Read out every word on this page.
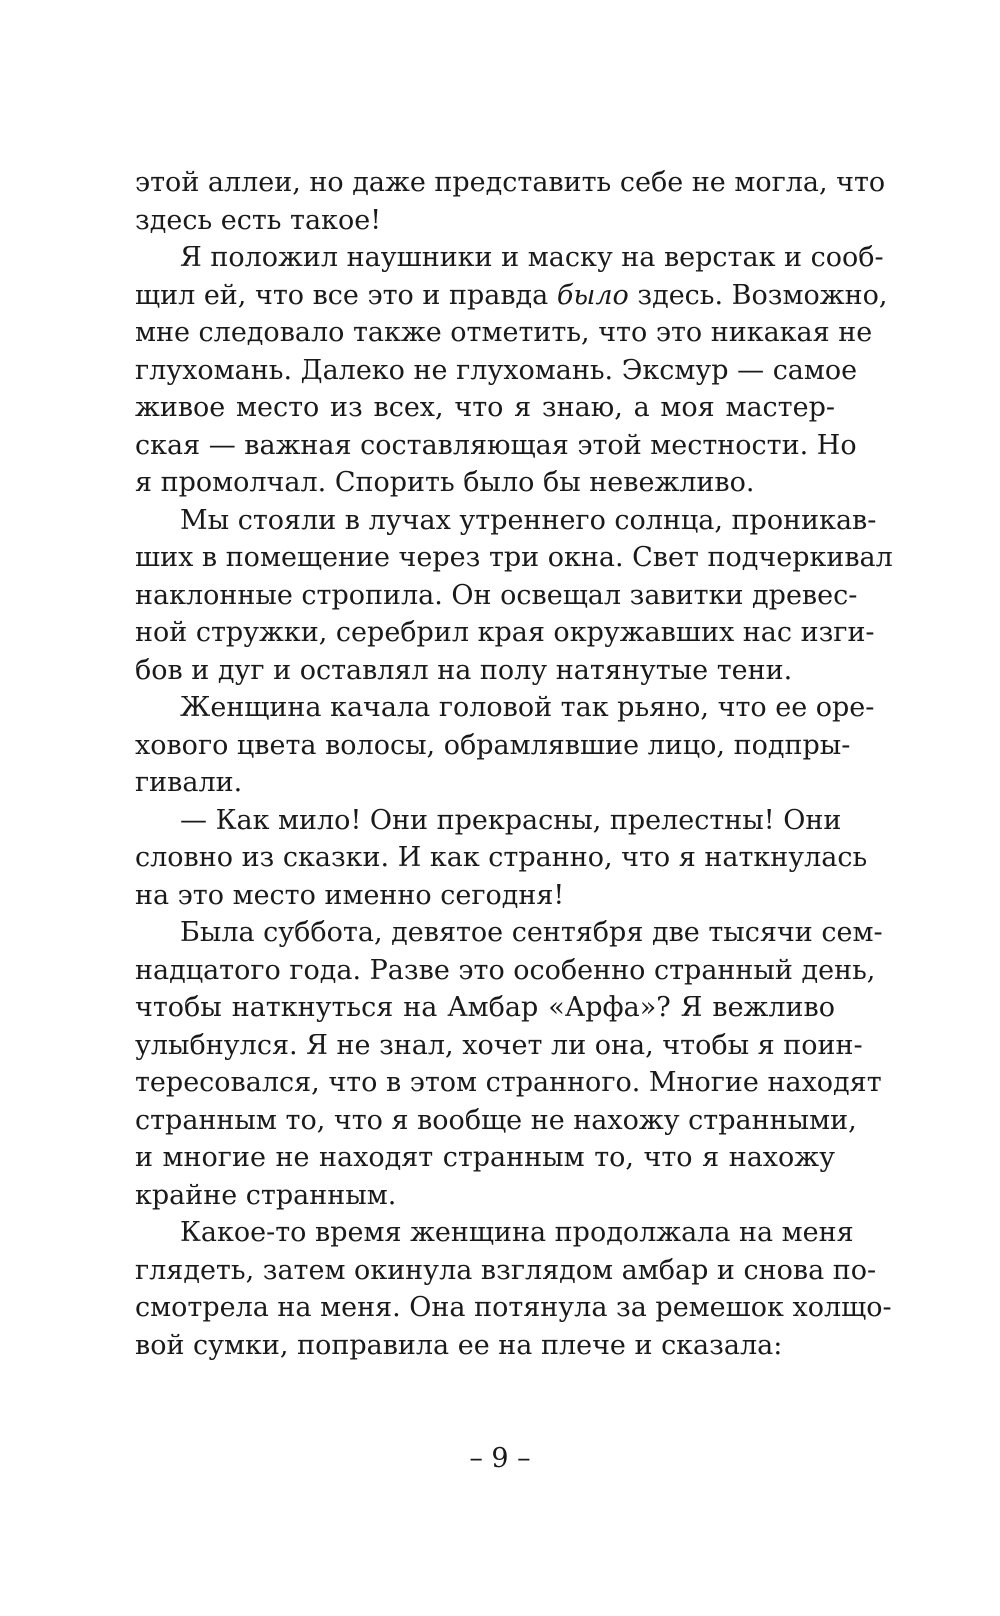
этой аллеи, но даже представить себе не могла, что
здесь есть такое!
Я положил наушники и маску на верстак и сооб-
щил ей, что все это и правда было здесь. Возможно,
мне следовало также отметить, что это никакая не
глухомань. Далеко не глухомань. Эксмур — самое
живое место из всех, что я знаю, а моя мастер-
ская — важная составляющая этой местности. Но
я промолчал. Спорить было бы невежливо.
Мы стояли в лучах утреннего солнца, проникав-
ших в помещение через три окна. Свет подчеркивал
наклонные стропила. Он освещал завитки древес-
ной стружки, серебрил края окружавших нас изги-
бов и дуг и оставлял на полу натянутые тени.
Женщина качала головой так рьяно, что ее оре-
хового цвета волосы, обрамлявшие лицо, подпры-
гивали.
— Как мило! Они прекрасны, прелестны! Они
словно из сказки. И как странно, что я наткнулась
на это место именно сегодня!
Была суббота, девятое сентября две тысячи сем-
надцатого года. Разве это особенно странный день,
чтобы наткнуться на Амбар «Арфа»? Я вежливо
улыбнулся. Я не знал, хочет ли она, чтобы я поин-
тересовался, что в этом странного. Многие находят
странным то, что я вообще не нахожу странными,
и многие не находят странным то, что я нахожу
крайне странным.
Какое-то время женщина продолжала на меня
глядеть, затем окинула взглядом амбар и снова по-
смотрела на меня. Она потянула за ремешок холщо-
вой сумки, поправила ее на плече и сказала:
– 9 –
